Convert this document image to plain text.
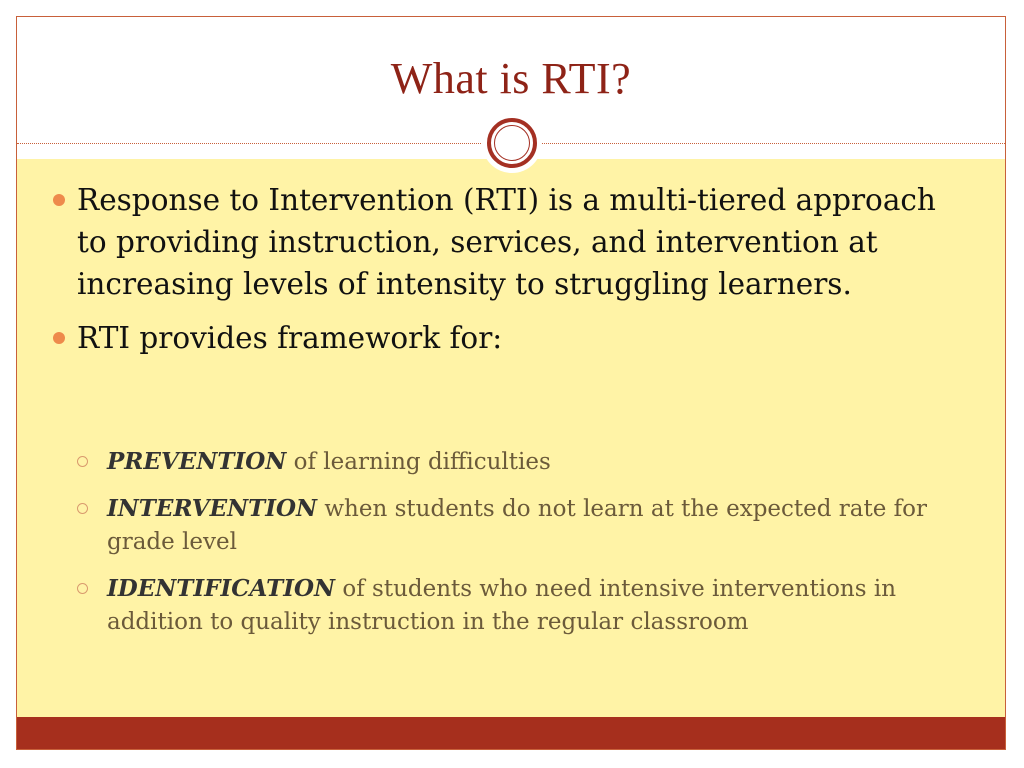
What is RTI?
Response to Intervention (RTI) is a multi-tiered approach to providing instruction, services, and intervention at increasing levels of intensity to struggling learners.
RTI provides framework for:
PREVENTION of learning difficulties
INTERVENTION when students do not learn at the expected rate for grade level
IDENTIFICATION of students who need intensive interventions in addition to quality instruction in the regular classroom
